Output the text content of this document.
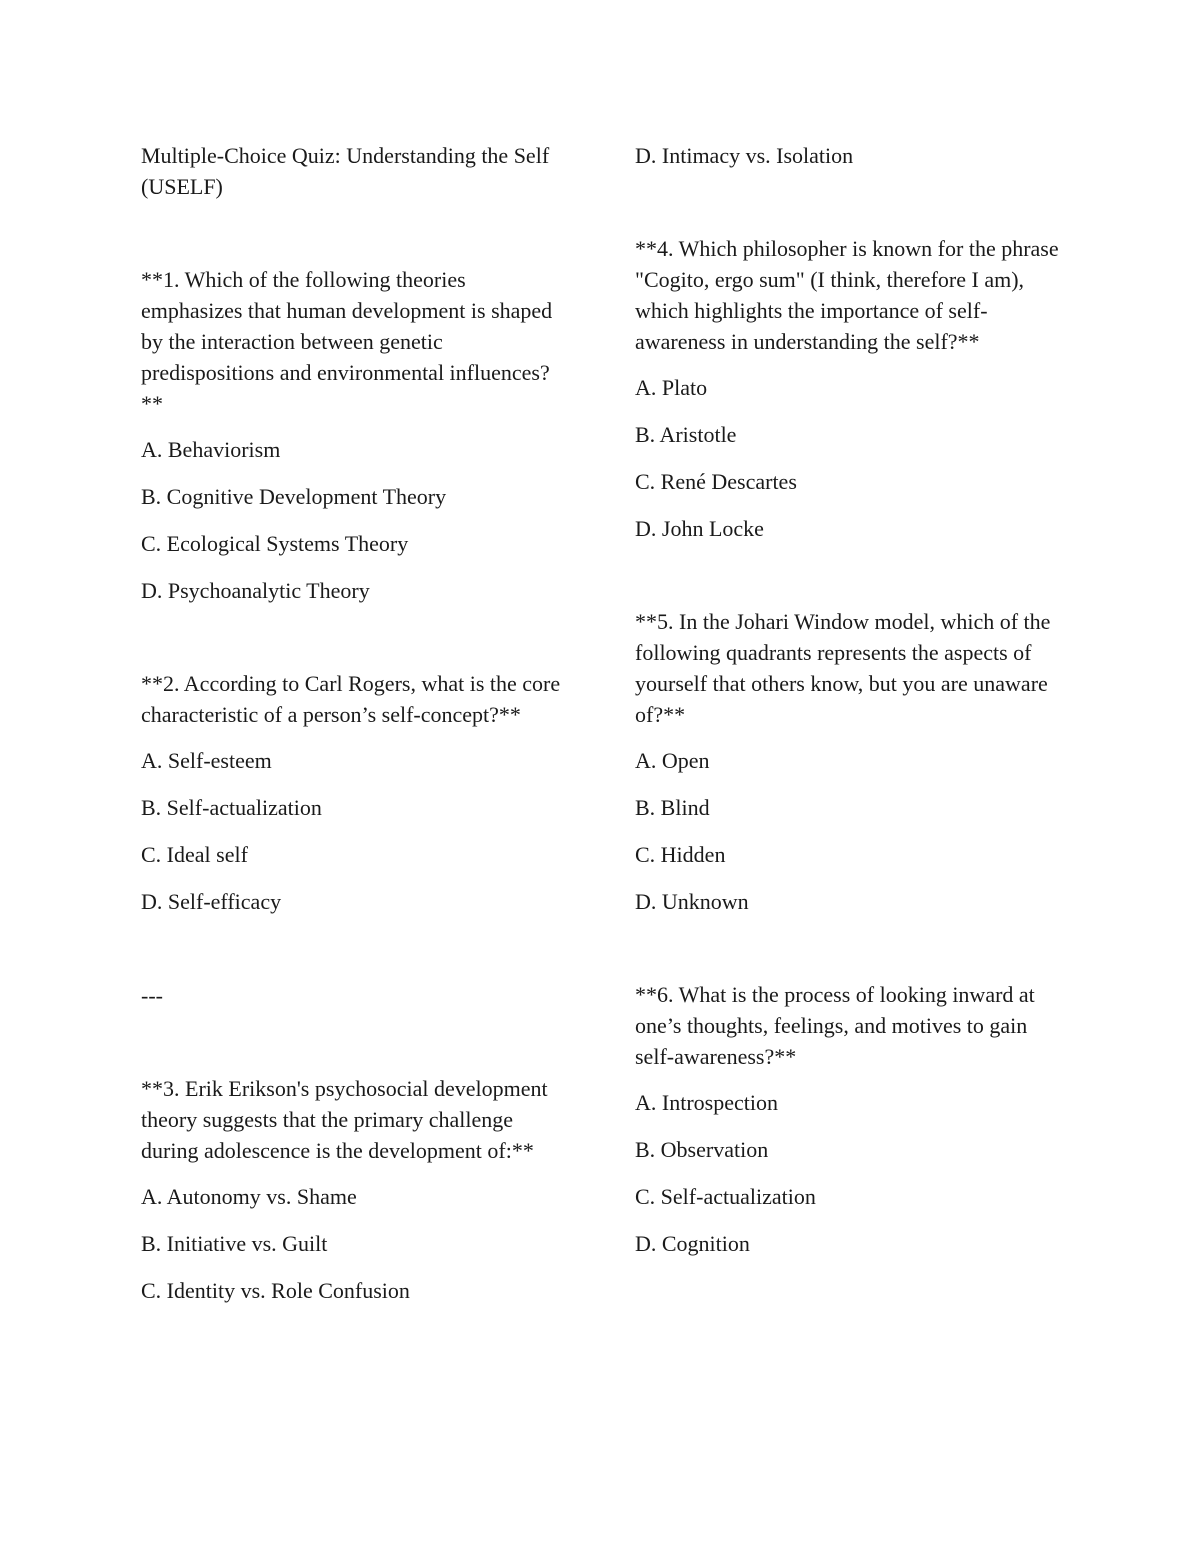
Multiple-Choice Quiz: Understanding the Self (USELF)

**1. Which of the following theories emphasizes that human development is shaped by the interaction between genetic predispositions and environmental influences?**

A. Behaviorism

B. Cognitive Development Theory

C. Ecological Systems Theory

D. Psychoanalytic Theory

**2. According to Carl Rogers, what is the core characteristic of a person’s self-concept?**

A. Self-esteem

B. Self-actualization

C. Ideal self

D. Self-efficacy

---

**3. Erik Erikson's psychosocial development theory suggests that the primary challenge during adolescence is the development of:**

A. Autonomy vs. Shame

B. Initiative vs. Guilt

C. Identity vs. Role Confusion

D. Intimacy vs. Isolation

**4. Which philosopher is known for the phrase "Cogito, ergo sum" (I think, therefore I am), which highlights the importance of self-awareness in understanding the self?**

A. Plato

B. Aristotle

C. René Descartes

D. John Locke

**5. In the Johari Window model, which of the following quadrants represents the aspects of yourself that others know, but you are unaware of?**

A. Open

B. Blind

C. Hidden

D. Unknown

**6. What is the process of looking inward at one’s thoughts, feelings, and motives to gain self-awareness?**

A. Introspection

B. Observation

C. Self-actualization

D. Cognition
